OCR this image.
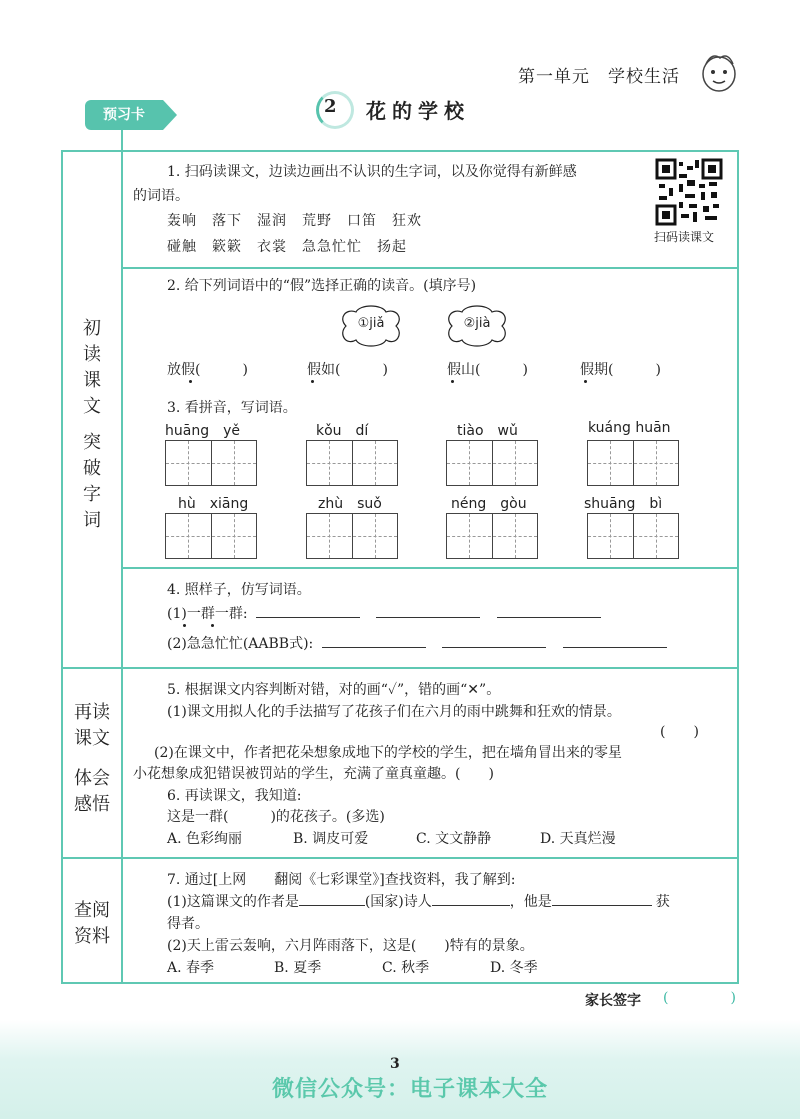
第一单元　学校生活
预习卡	2 花的学校
初
读
课
文
突
破
字
词
再读
课文
体会
感悟
查阅
资料
1. 扫码读课文，边读边画出不认识的生字词，以及你觉得有新鲜感
的词语。
轰响 落下 湿润 荒野 口笛 狂欢
碰触 簌簌 衣裳 急急忙忙 扬起
扫码读课文
2. 给下列词语中的“假”选择正确的读音。(填序号)
①jiǎ	②jià
放假(　　　)	假如(　　　)	假山(　　　)	假期(　　　)
3. 看拼音，写词语。
huāng　yě	kǒu　dí	tiào　wǔ	kuáng huān
hù　xiāng	zhù　suǒ	néng　gòu	shuāng　bì
4. 照样子，仿写词语。
(1)一群一群:
(2)急急忙忙(AABB式):
5. 根据课文内容判断对错，对的画“✓”，错的画“✕”。
(1)课文用拟人化的手法描写了花孩子们在六月的雨中跳舞和狂欢的情景。
(　　)
　(2)在课文中，作者把花朵想象成地下的学校的学生，把在墙角冒出来的零星
小花想象成犯错误被罚站的学生，充满了童真童趣。(　　)
6. 再读课文，我知道:
这是一群(　　　)的花孩子。(多选)
A. 色彩绚丽	B. 调皮可爱	C. 文文静静	D. 天真烂漫
7. 通过[上网　　翻阅《七彩课堂》]查找资料，我了解到:
(1)这篇课文的作者是	(国家)诗人	，他是	获
得者。
(2)天上雷云轰响，六月阵雨落下，这是(　　)特有的景象。
A. 春季	B. 夏季	C. 秋季	D. 冬季
家长签字 ()
3
微信公众号：电子课本大全
